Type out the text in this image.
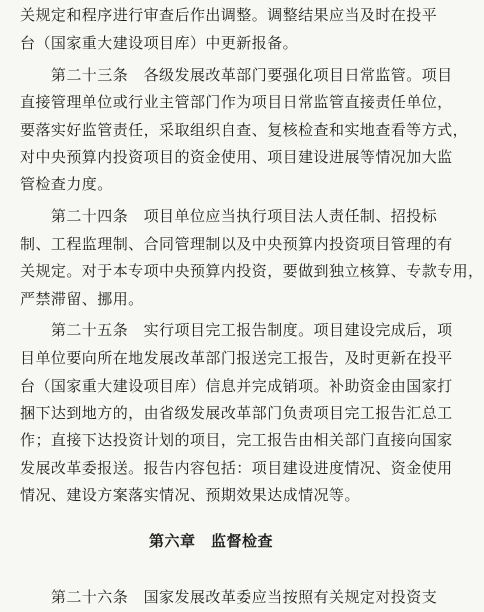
关规定和程序进行审查后作出调整。调整结果应当及时在投平
台（国家重大建设项目库）中更新报备。
　　第二十三条　各级发展改革部门要强化项目日常监管。项目
直接管理单位或行业主管部门作为项目日常监管直接责任单位，
要落实好监管责任，采取组织自查、复核检查和实地查看等方式，
对中央预算内投资项目的资金使用、项目建设进展等情况加大监
管检查力度。
　　第二十四条　项目单位应当执行项目法人责任制、招投标
制、工程监理制、合同管理制以及中央预算内投资项目管理的有
关规定。对于本专项中央预算内投资，要做到独立核算、专款专用，
严禁滞留、挪用。
　　第二十五条　实行项目完工报告制度。项目建设完成后，项
目单位要向所在地发展改革部门报送完工报告，及时更新在投平
台（国家重大建设项目库）信息并完成销项。补助资金由国家打
捆下达到地方的，由省级发展改革部门负责项目完工报告汇总工
作；直接下达投资计划的项目，完工报告由相关部门直接向国家
发展改革委报送。报告内容包括：项目建设进度情况、资金使用
情况、建设方案落实情况、预期效果达成情况等。
第六章　监督检查
　　第二十六条　国家发展改革委应当按照有关规定对投资支
